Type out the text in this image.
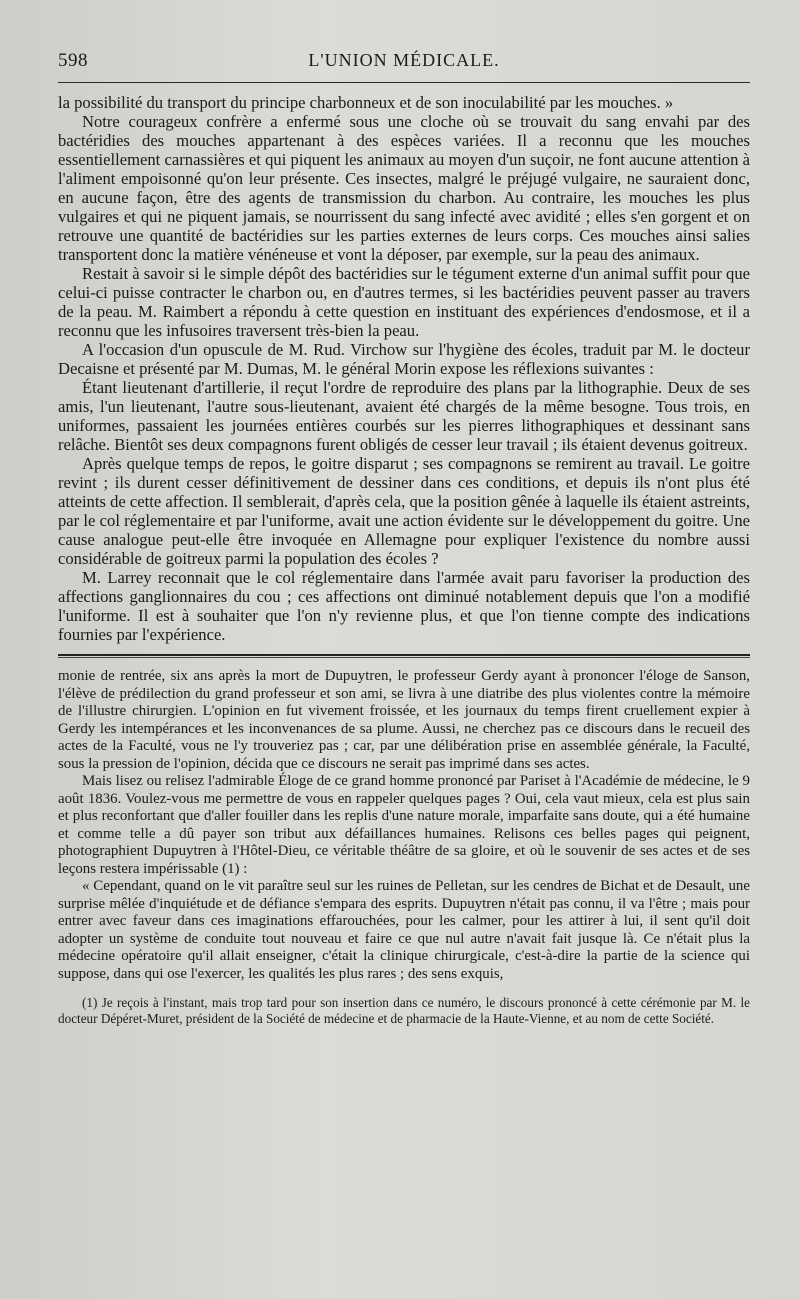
598	L'UNION MÉDICALE.

la possibilité du transport du principe charbonneux et de son inoculabilité par les mouches. »

Notre courageux confrère a enfermé sous une cloche où se trouvait du sang envahi par des bactéridies des mouches appartenant à des espèces variées. Il a reconnu que les mouches essentiellement carnassières et qui piquent les animaux au moyen d'un suçoir, ne font aucune attention à l'aliment empoisonné qu'on leur présente. Ces insectes, malgré le préjugé vulgaire, ne sauraient donc, en aucune façon, être des agents de transmission du charbon. Au contraire, les mouches les plus vulgaires et qui ne piquent jamais, se nourrissent du sang infecté avec avidité ; elles s'en gorgent et on retrouve une quantité de bactéridies sur les parties externes de leurs corps. Ces mouches ainsi salies transportent donc la matière vénéneuse et vont la déposer, par exemple, sur la peau des animaux.

Restait à savoir si le simple dépôt des bactéridies sur le tégument externe d'un animal suffit pour que celui-ci puisse contracter le charbon ou, en d'autres termes, si les bactéridies peuvent passer au travers de la peau. M. Raimbert a répondu à cette question en instituant des expériences d'endosmose, et il a reconnu que les infusoires traversent très-bien la peau.

A l'occasion d'un opuscule de M. Rud. Virchow sur l'hygiène des écoles, traduit par M. le docteur Decaisne et présenté par M. Dumas, M. le général Morin expose les réflexions suivantes :

Étant lieutenant d'artillerie, il reçut l'ordre de reproduire des plans par la lithographie. Deux de ses amis, l'un lieutenant, l'autre sous-lieutenant, avaient été chargés de la même besogne. Tous trois, en uniformes, passaient les journées entières courbés sur les pierres lithographiques et dessinant sans relâche. Bientôt ses deux compagnons furent obligés de cesser leur travail ; ils étaient devenus goitreux.

Après quelque temps de repos, le goitre disparut ; ses compagnons se remirent au travail. Le goitre revint ; ils durent cesser définitivement de dessiner dans ces conditions, et depuis ils n'ont plus été atteints de cette affection. Il semblerait, d'après cela, que la position gênée à laquelle ils étaient astreints, par le col réglementaire et par l'uniforme, avait une action évidente sur le développement du goitre. Une cause analogue peut-elle être invoquée en Allemagne pour expliquer l'existence du nombre aussi considérable de goitreux parmi la population des écoles ?

M. Larrey reconnait que le col réglementaire dans l'armée avait paru favoriser la production des affections ganglionnaires du cou ; ces affections ont diminué notablement depuis que l'on a modifié l'uniforme. Il est à souhaiter que l'on n'y revienne plus, et que l'on tienne compte des indications fournies par l'expérience.

monie de rentrée, six ans après la mort de Dupuytren, le professeur Gerdy ayant à prononcer l'éloge de Sanson, l'élève de prédilection du grand professeur et son ami, se livra à une diatribe des plus violentes contre la mémoire de l'illustre chirurgien. L'opinion en fut vivement froissée, et les journaux du temps firent cruellement expier à Gerdy les intempérances et les inconvenances de sa plume. Aussi, ne cherchez pas ce discours dans le recueil des actes de la Faculté, vous ne l'y trouveriez pas ; car, par une délibération prise en assemblée générale, la Faculté, sous la pression de l'opinion, décida que ce discours ne serait pas imprimé dans ses actes.

Mais lisez ou relisez l'admirable Éloge de ce grand homme prononcé par Pariset à l'Académie de médecine, le 9 août 1836. Voulez-vous me permettre de vous en rappeler quelques pages ? Oui, cela vaut mieux, cela est plus sain et plus reconfortant que d'aller fouiller dans les replis d'une nature morale, imparfaite sans doute, qui a été humaine et comme telle a dû payer son tribut aux défaillances humaines. Relisons ces belles pages qui peignent, photographient Dupuytren à l'Hôtel-Dieu, ce véritable théâtre de sa gloire, et où le souvenir de ses actes et de ses leçons restera impérissable (1) :

« Cependant, quand on le vit paraître seul sur les ruines de Pelletan, sur les cendres de Bichat et de Desault, une surprise mêlée d'inquiétude et de défiance s'empara des esprits. Dupuytren n'était pas connu, il va l'être ; mais pour entrer avec faveur dans ces imaginations effarouchées, pour les calmer, pour les attirer à lui, il sent qu'il doit adopter un système de conduite tout nouveau et faire ce que nul autre n'avait fait jusque là. Ce n'était plus la médecine opératoire qu'il allait enseigner, c'était la clinique chirurgicale, c'est-à-dire la partie de la science qui suppose, dans qui ose l'exercer, les qualités les plus rares ; des sens exquis,

(1) Je reçois à l'instant, mais trop tard pour son insertion dans ce numéro, le discours prononcé à cette cérémonie par M. le docteur Dépéret-Muret, président de la Société de médecine et de pharmacie de la Haute-Vienne, et au nom de cette Société.
